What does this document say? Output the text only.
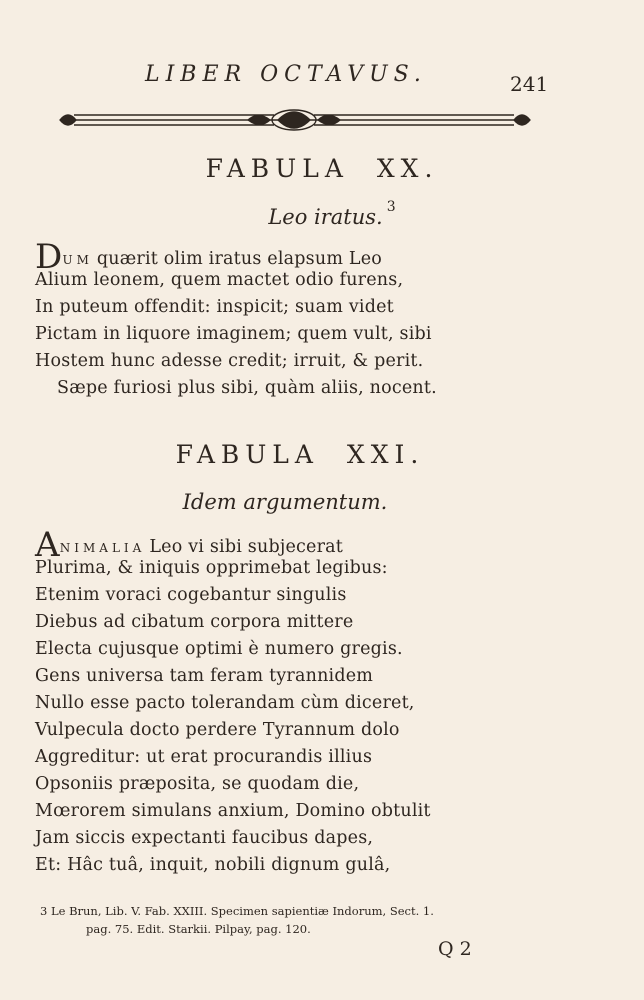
LIBER OCTAVUS.	241
FABULA XX.
Leo iratus. $^3$
DUM quærit olim iratus elapsum Leo
Alium leonem, quem mactet odio furens,
In puteum offendit: inspicit; suam videt
Pictam in liquore imaginem; quem vult, sibi
Hostem hunc adesse credit; irruit, & perit.
Sæpe furiosi plus sibi, quàm aliis, nocent.
FABULA XXI.
Idem argumentum.
ANIMALIA Leo vi sibi subjecerat
Plurima, & iniquis opprimebat legibus:
Etenim voraci cogebantur singulis
Diebus ad cibatum corpora mittere
Electa cujusque optimi è numero gregis.
Gens universa tam feram tyrannidem
Nullo esse pacto tolerandam cùm diceret,
Vulpecula docto perdere Tyrannum dolo
Aggreditur: ut erat procurandis illius
Opsoniis præposita, se quodam die,
Mœrorem simulans anxium, Domino obtulit
Jam siccis expectanti faucibus dapes,
Et: Hâc tuâ, inquit, nobili dignum gulâ,
3 Le Brun, Lib. V. Fab. XXIII. Specimen sapientiæ Indorum, Sect. 1.
pag. 75. Edit. Starkii. Pilpay, pag. 120.
Q 2
